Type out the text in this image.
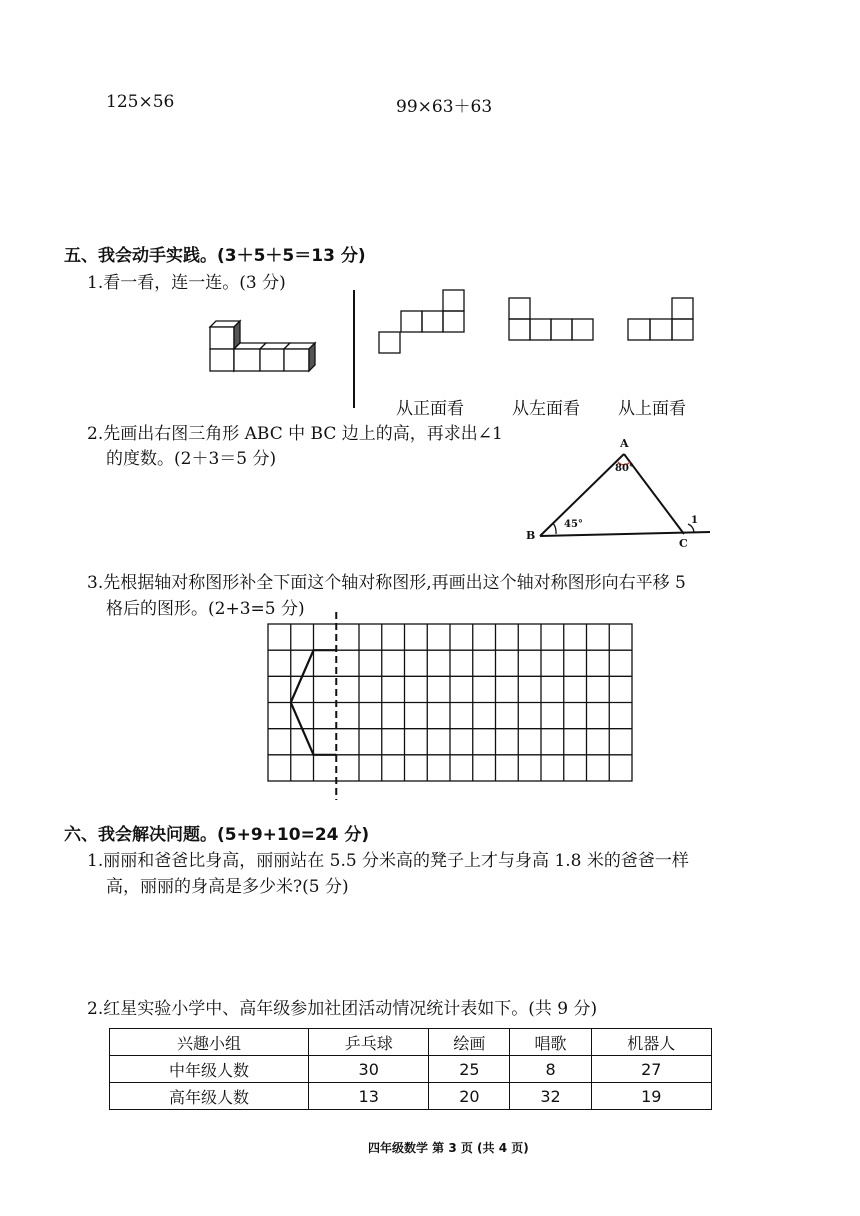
125×56	99×63＋63
五、我会动手实践。(3＋5＋5＝13 分)
1.看一看，连一连。(3 分)
从正面看	从左面看 从上面看
2.先画出右图三角形 ABC 中 BC 边上的高，再求出∠1
的度数。(2＋3＝5 分)
A
B
C
80°
45°	1
3.先根据轴对称图形补全下面这个轴对称图形,再画出这个轴对称图形向右平移 5
格后的图形。(2+3=5 分)
六、我会解决问题。(5+9+10=24 分)
1.丽丽和爸爸比身高，丽丽站在 5.5 分米高的凳子上才与身高 1.8 米的爸爸一样
高，丽丽的身高是多少米?(5 分)
2.红星实验小学中、高年级参加社团活动情况统计表如下。(共 9 分)
兴趣小组	乒乓球	绘画	唱歌	机器人
中年级人数	30	25	8	27
高年级人数	13	20	32	19
四年级数学 第 3 页 (共 4 页)
